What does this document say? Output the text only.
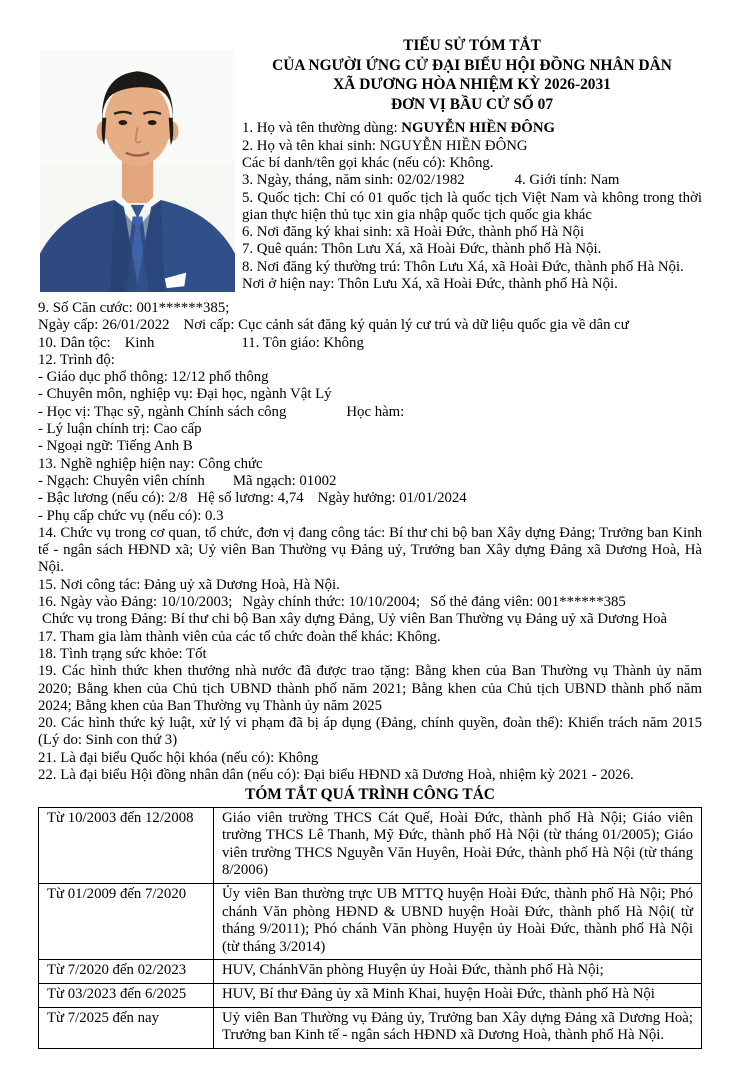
TIỂU SỬ TÓM TẮT
CỦA NGƯỜI ỨNG CỬ ĐẠI BIỂU HỘI ĐỒNG NHÂN DÂN
XÃ DƯƠNG HÒA NHIỆM KỲ 2026-2031
ĐƠN VỊ BẦU CỬ SỐ 07
1. Họ và tên thường dùng: NGUYỄN HIỀN ĐÔNG
2. Họ và tên khai sinh: NGUYỄN HIỀN ĐÔNG
Các bí danh/tên gọi khác (nếu có): Không.
3. Ngày, tháng, năm sinh: 02/02/1982	4. Giới tính: Nam
5. Quốc tịch: Chỉ có 01 quốc tịch là quốc tịch Việt Nam và không trong thời gian thực hiện thủ tục xin gia nhập quốc tịch quốc gia khác
6. Nơi đăng ký khai sinh: xã Hoài Đức, thành phố Hà Nội
7. Quê quán: Thôn Lưu Xá, xã Hoài Đức, thành phố Hà Nội.
8. Nơi đăng ký thường trú: Thôn Lưu Xá, xã Hoài Đức, thành phố Hà Nội.
Nơi ở hiện nay: Thôn Lưu Xá, xã Hoài Đức, thành phố Hà Nội.
9. Số Căn cước: 001******385;
Ngày cấp: 26/01/2022 Nơi cấp: Cục cảnh sát đăng ký quản lý cư trú và dữ liệu quốc gia về dân cư
10. Dân tộc: Kinh	11. Tôn giáo: Không
12. Trình độ:
- Giáo dục phổ thông: 12/12 phổ thông
- Chuyên môn, nghiệp vụ: Đại học, ngành Vật Lý
- Học vị: Thạc sỹ, ngành Chính sách công	Học hàm:
- Lý luận chính trị: Cao cấp
- Ngoại ngữ: Tiếng Anh B
13. Nghề nghiệp hiện nay: Công chức
- Ngạch: Chuyên viên chính Mã ngạch: 01002
- Bậc lương (nếu có): 2/8 Hệ số lương: 4,74 Ngày hưởng: 01/01/2024
- Phụ cấp chức vụ (nếu có): 0.3
14. Chức vụ trong cơ quan, tổ chức, đơn vị đang công tác: Bí thư chi bộ ban Xây dựng Đảng; Trưởng ban Kinh tế - ngân sách HĐND xã; Uỷ viên Ban Thường vụ Đảng uỷ, Trưởng ban Xây dựng Đảng xã Dương Hoà, Hà Nội.
15. Nơi công tác: Đảng uỷ xã Dương Hoà, Hà Nội.
16. Ngày vào Đảng: 10/10/2003; Ngày chính thức: 10/10/2004; Số thẻ đảng viên: 001******385
Chức vụ trong Đảng: Bí thư chi bộ Ban xây dựng Đảng, Uỷ viên Ban Thường vụ Đảng uỷ xã Dương Hoà
17. Tham gia làm thành viên của các tổ chức đoàn thể khác: Không.
18. Tình trạng sức khỏe: Tốt
19. Các hình thức khen thưởng nhà nước đã được trao tặng: Bằng khen của Ban Thường vụ Thành ủy năm 2020; Bằng khen của Chủ tịch UBND thành phố năm 2021; Bằng khen của Chủ tịch UBND thành phố năm 2024; Bằng khen của Ban Thường vụ Thành ủy năm 2025
20. Các hình thức kỷ luật, xử lý vi phạm đã bị áp dụng (Đảng, chính quyền, đoàn thể): Khiển trách năm 2015 (Lý do: Sinh con thứ 3)
21. Là đại biểu Quốc hội khóa (nếu có): Không
22. Là đại biểu Hội đồng nhân dân (nếu có): Đại biểu HĐND xã Dương Hoà, nhiệm kỳ 2021 - 2026.
TÓM TẮT QUÁ TRÌNH CÔNG TÁC
Từ 10/2003 đến 12/2008	Giáo viên trường THCS Cát Quế, Hoài Đức, thành phố Hà Nội; Giáo viên trường THCS Lê Thanh, Mỹ Đức, thành phố Hà Nội (từ tháng 01/2005); Giáo viên trường THCS Nguyễn Văn Huyên, Hoài Đức, thành phố Hà Nội (từ tháng 8/2006)
Từ 01/2009 đến 7/2020	Ủy viên Ban thường trực UB MTTQ huyện Hoài Đức, thành phố Hà Nội; Phó chánh Văn phòng HĐND & UBND huyện Hoài Đức, thành phố Hà Nội( từ tháng 9/2011); Phó chánh Văn phòng Huyện ủy Hoài Đức, thành phố Hà Nội (từ tháng 3/2014)
Từ 7/2020 đến 02/2023	HUV, ChánhVăn phòng Huyện ủy Hoài Đức, thành phố Hà Nội;
Từ 03/2023 đến 6/2025	HUV, Bí thư Đảng ủy xã Minh Khai, huyện Hoài Đức, thành phố Hà Nội
Từ 7/2025 đến nay	Uỷ viên Ban Thường vụ Đảng ủy, Trưởng ban Xây dựng Đảng xã Dương Hoà; Trưởng ban Kinh tế - ngân sách HĐND xã Dương Hoà, thành phố Hà Nội.
